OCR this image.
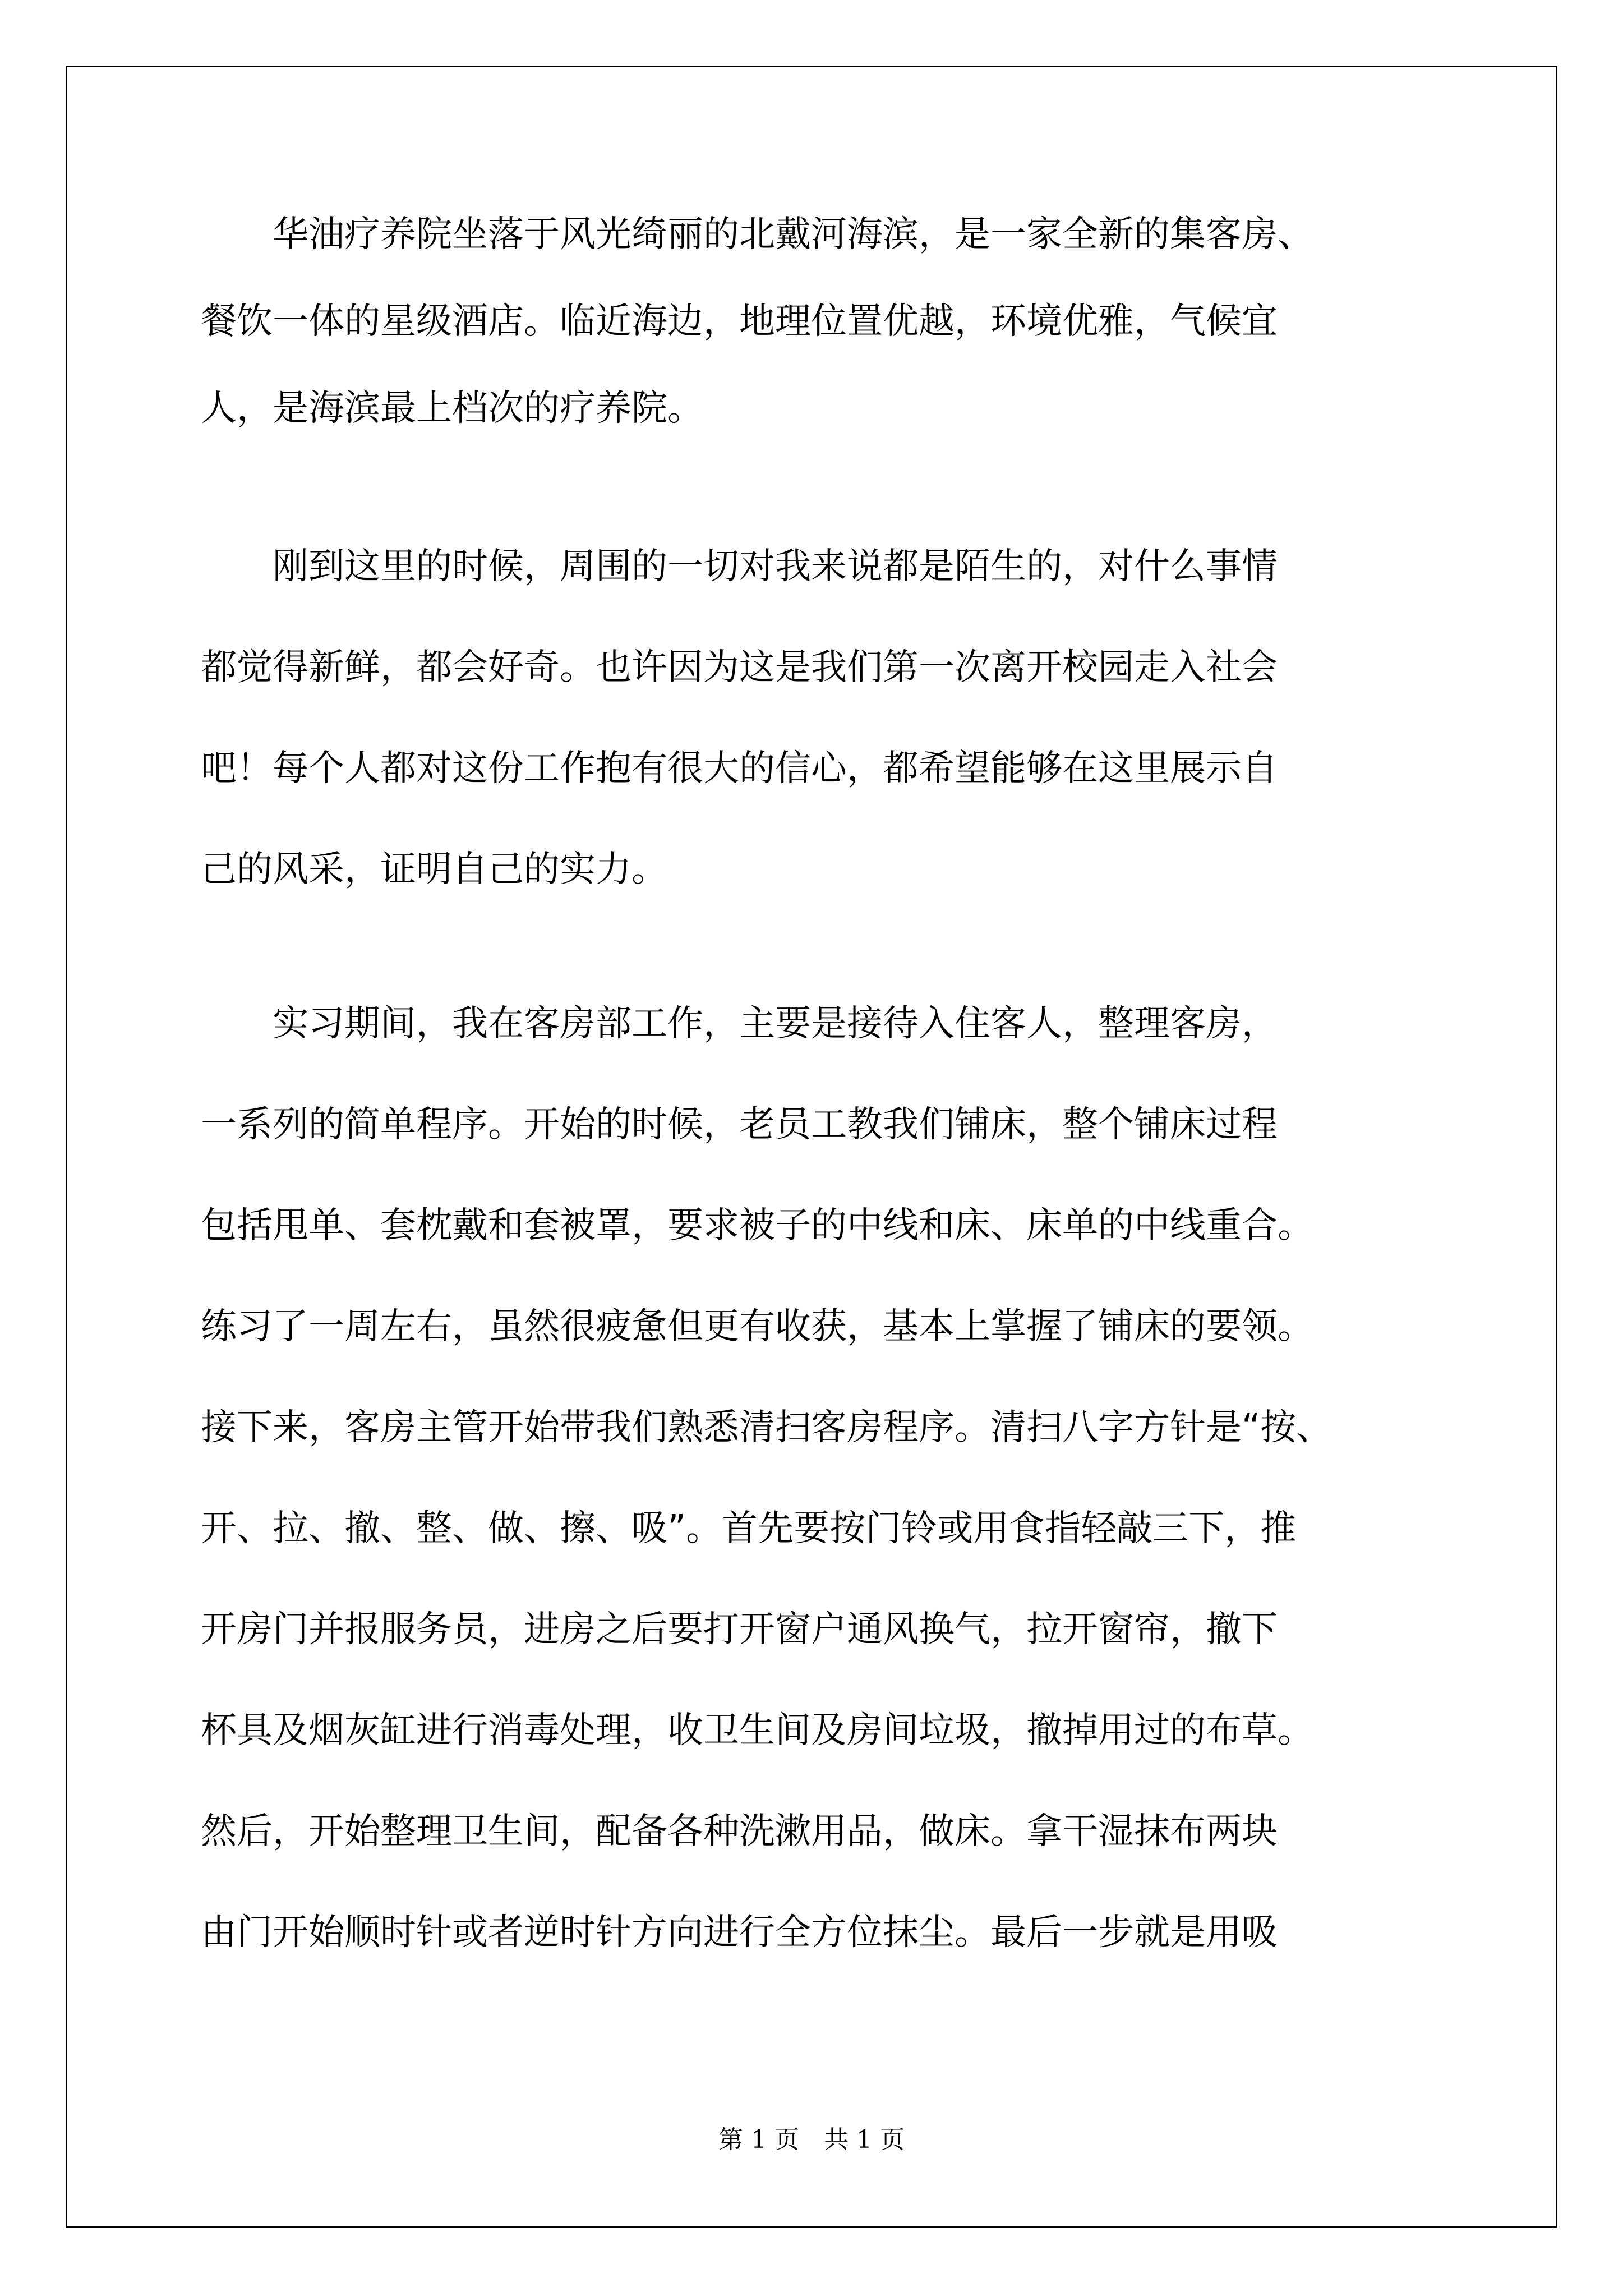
　　华油疗养院坐落于风光绮丽的北戴河海滨，是一家全新的集客房、
餐饮一体的星级酒店。临近海边，地理位置优越，环境优雅，气候宜
人，是海滨最上档次的疗养院。
　　刚到这里的时候，周围的一切对我来说都是陌生的，对什么事情
都觉得新鲜，都会好奇。也许因为这是我们第一次离开校园走入社会
吧！每个人都对这份工作抱有很大的信心，都希望能够在这里展示自
己的风采，证明自己的实力。
　　实习期间，我在客房部工作，主要是接待入住客人，整理客房，
一系列的简单程序。开始的时候，老员工教我们铺床，整个铺床过程
包括甩单、套枕戴和套被罩，要求被子的中线和床、床单的中线重合。
练习了一周左右，虽然很疲惫但更有收获，基本上掌握了铺床的要领。
接下来，客房主管开始带我们熟悉清扫客房程序。清扫八字方针是“按、
开、拉、撤、整、做、擦、吸”。首先要按门铃或用食指轻敲三下，推
开房门并报服务员，进房之后要打开窗户通风换气，拉开窗帘，撤下
杯具及烟灰缸进行消毒处理，收卫生间及房间垃圾，撤掉用过的布草。
然后，开始整理卫生间，配备各种洗漱用品，做床。拿干湿抹布两块
由门开始顺时针或者逆时针方向进行全方位抹尘。最后一步就是用吸
第 1 页　共 1 页
